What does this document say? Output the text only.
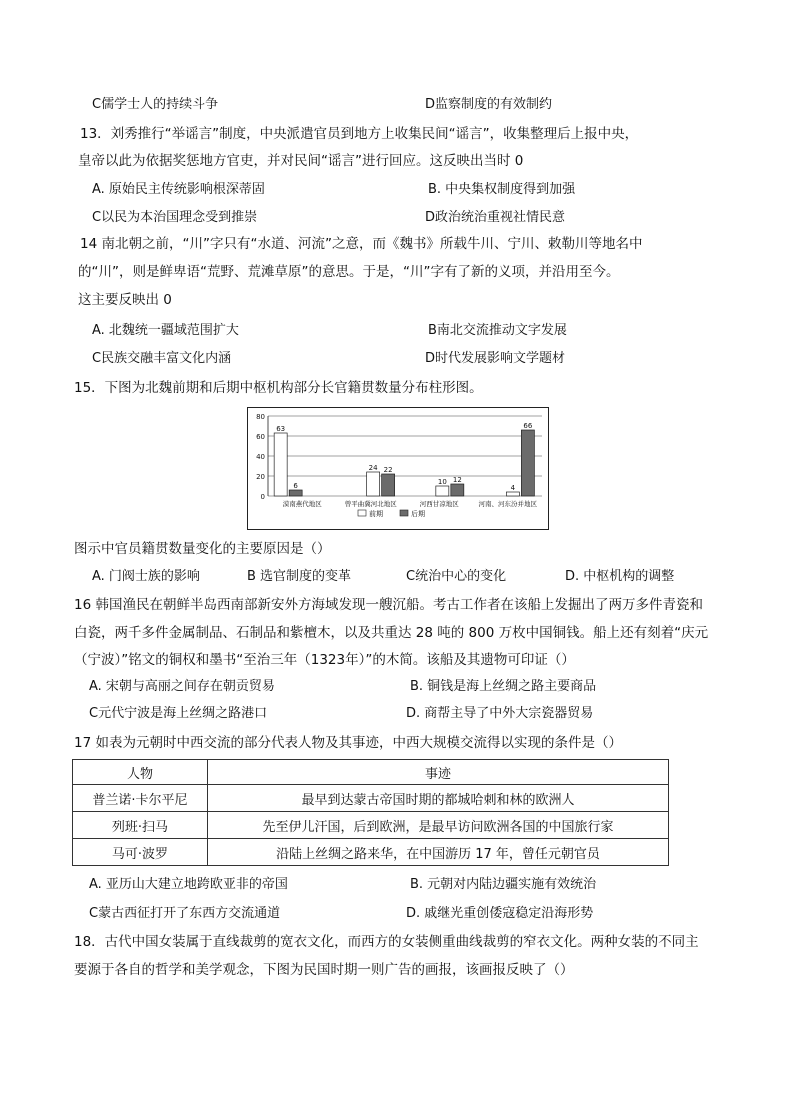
C儒学士人的持续斗争	D监察制度的有效制约
13．刘秀推行“举谣言”制度，中央派遣官员到地方上收集民间“谣言”，收集整理后上报中央，
皇帝以此为依据奖惩地方官吏，并对民间“谣言”进行回应。这反映出当时 0
A. 原始民主传统影响根深蒂固	B. 中央集权制度得到加强
C以民为本治国理念受到推崇	D政治统治重视社情民意
14 南北朝之前，“川”字只有“水道、河流”之意，而《魏书》所载牛川、宁川、敕勒川等地名中
的“川”，则是鲜卑语“荒野、荒滩草原”的意思。于是，“川”字有了新的义项，并沿用至今。
这主要反映出 0
A. 北魏统一疆域范围扩大	B南北交流推动文字发展
C民族交融丰富文化内涵	D时代发展影响文学题材
15．下图为北魏前期和后期中枢机构部分长官籍贯数量分布柱形图。
0
20
40
60
80
63
6
漠南燕代地区
24 22
曾平曲冀河北地区
10 12
河西甘凉地区
4
66
河南、河东汾并地区
前期	后期
图示中官员籍贯数量变化的主要原因是（）
A. 门阀士族的影响	B 选官制度的变革	C统治中心的变化	D. 中枢机构的调整
16 韩国渔民在朝鲜半岛西南部新安外方海域发现一艘沉船。考古工作者在该船上发掘出了两万多件青瓷和
白瓷，两千多件金属制品、石制品和紫檀木，以及共重达 28 吨的 800 万枚中国铜钱。船上还有刻着“庆元
（宁波）”铭文的铜权和墨书“至治三年（1323年）”的木简。该船及其遗物可印证（）
A. 宋朝与高丽之间存在朝贡贸易	B. 铜钱是海上丝绸之路主要商品
C元代宁波是海上丝绸之路港口	D. 商帮主导了中外大宗瓷器贸易
17 如表为元朝时中西交流的部分代表人物及其事迹，中西大规模交流得以实现的条件是（）
人物	事迹
普兰诺·卡尔平尼	最早到达蒙古帝国时期的都城哈刺和林的欧洲人
列班·扫马	先至伊儿汗国，后到欧洲，是最早访问欧洲各国的中国旅行家
马可·波罗	沿陆上丝绸之路来华，在中国游历 17 年，曾任元朝官员
A. 亚历山大建立地跨欧亚非的帝国	B. 元朝对内陆边疆实施有效统治
C蒙古西征打开了东西方交流通道	D. 戚继光重创倭寇稳定沿海形势
18．古代中国女装属于直线裁剪的宽衣文化，而西方的女装侧重曲线裁剪的窄衣文化。两种女装的不同主
要源于各自的哲学和美学观念，下图为民国时期一则广告的画报，该画报反映了（）
